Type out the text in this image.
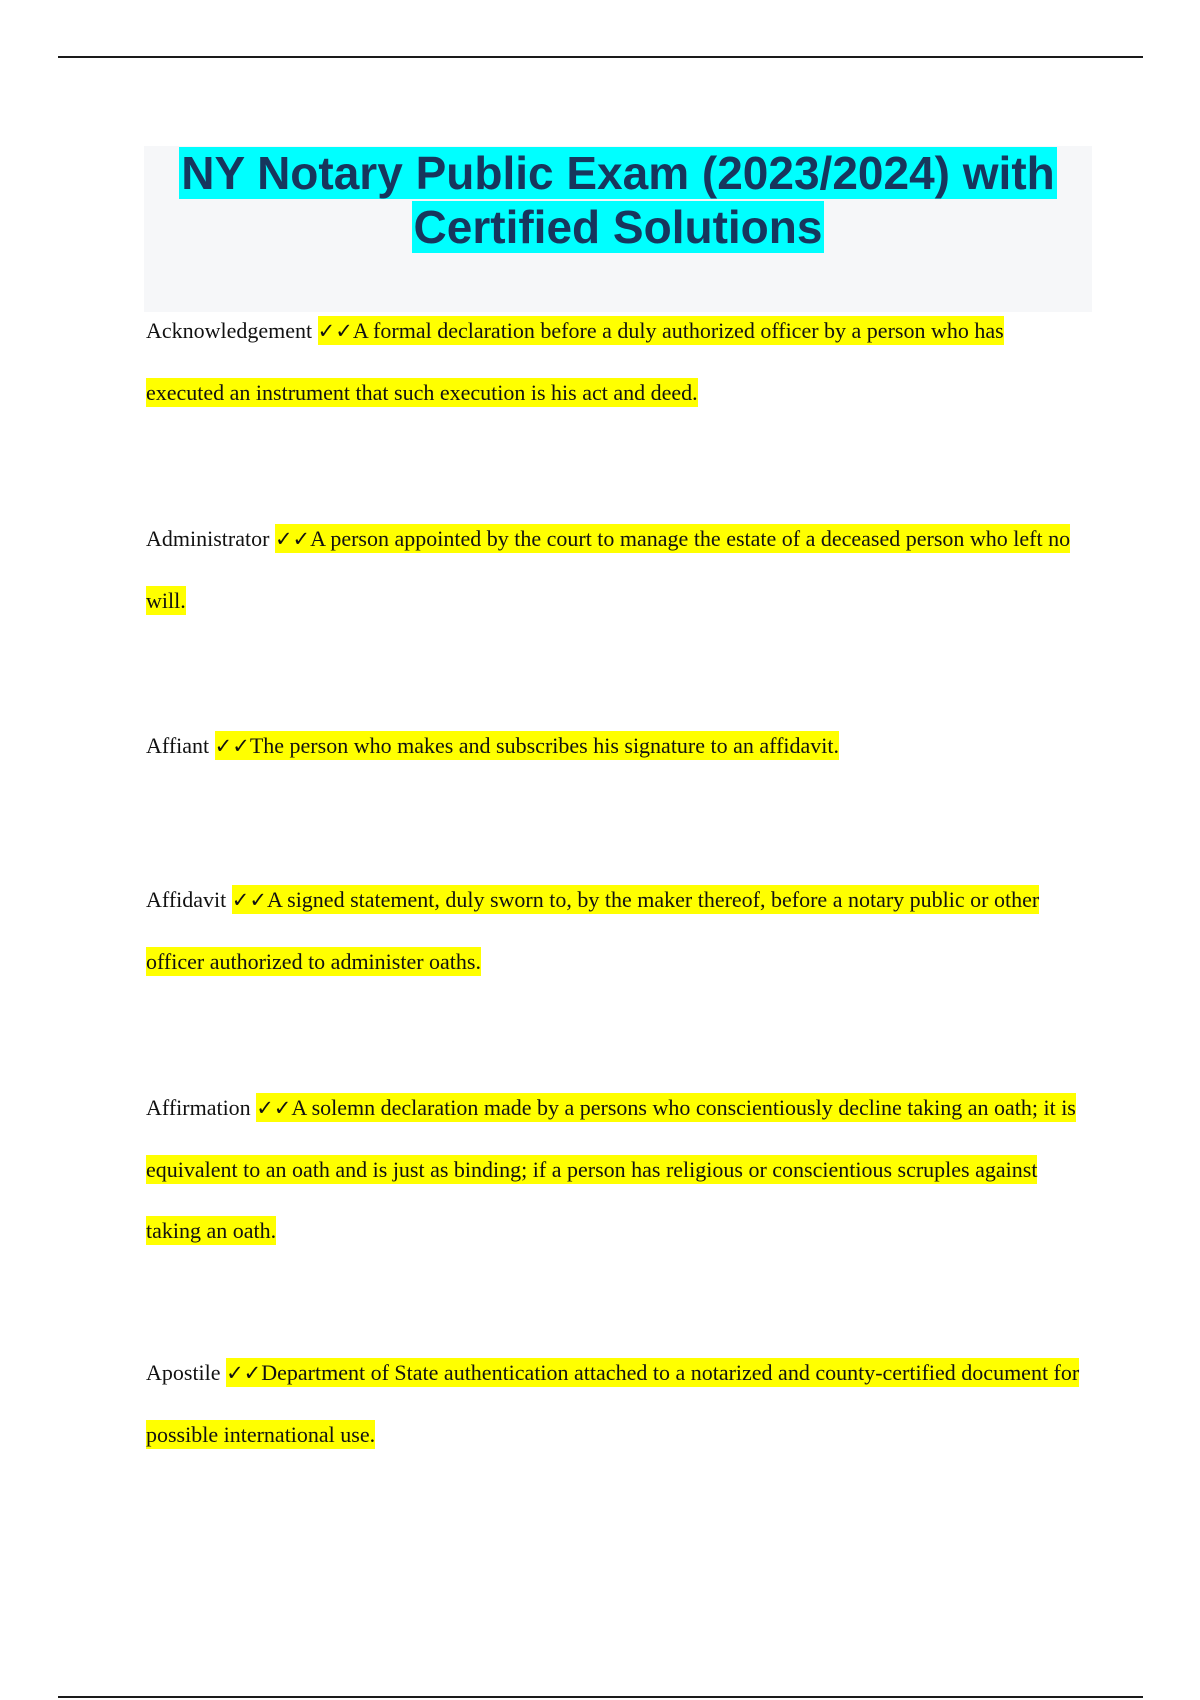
NY Notary Public Exam (2023/2024) with
Certified Solutions
Acknowledgement ✓✓A formal declaration before a duly authorized officer by a person who has executed an instrument that such execution is his act and deed.
Administrator ✓✓A person appointed by the court to manage the estate of a deceased person who left no will.
Affiant ✓✓The person who makes and subscribes his signature to an affidavit.
Affidavit ✓✓A signed statement, duly sworn to, by the maker thereof, before a notary public or other officer authorized to administer oaths.
Affirmation ✓✓A solemn declaration made by a persons who conscientiously decline taking an oath; it is equivalent to an oath and is just as binding; if a person has religious or conscientious scruples against taking an oath.
Apostile ✓✓Department of State authentication attached to a notarized and county-certified document for possible international use.
